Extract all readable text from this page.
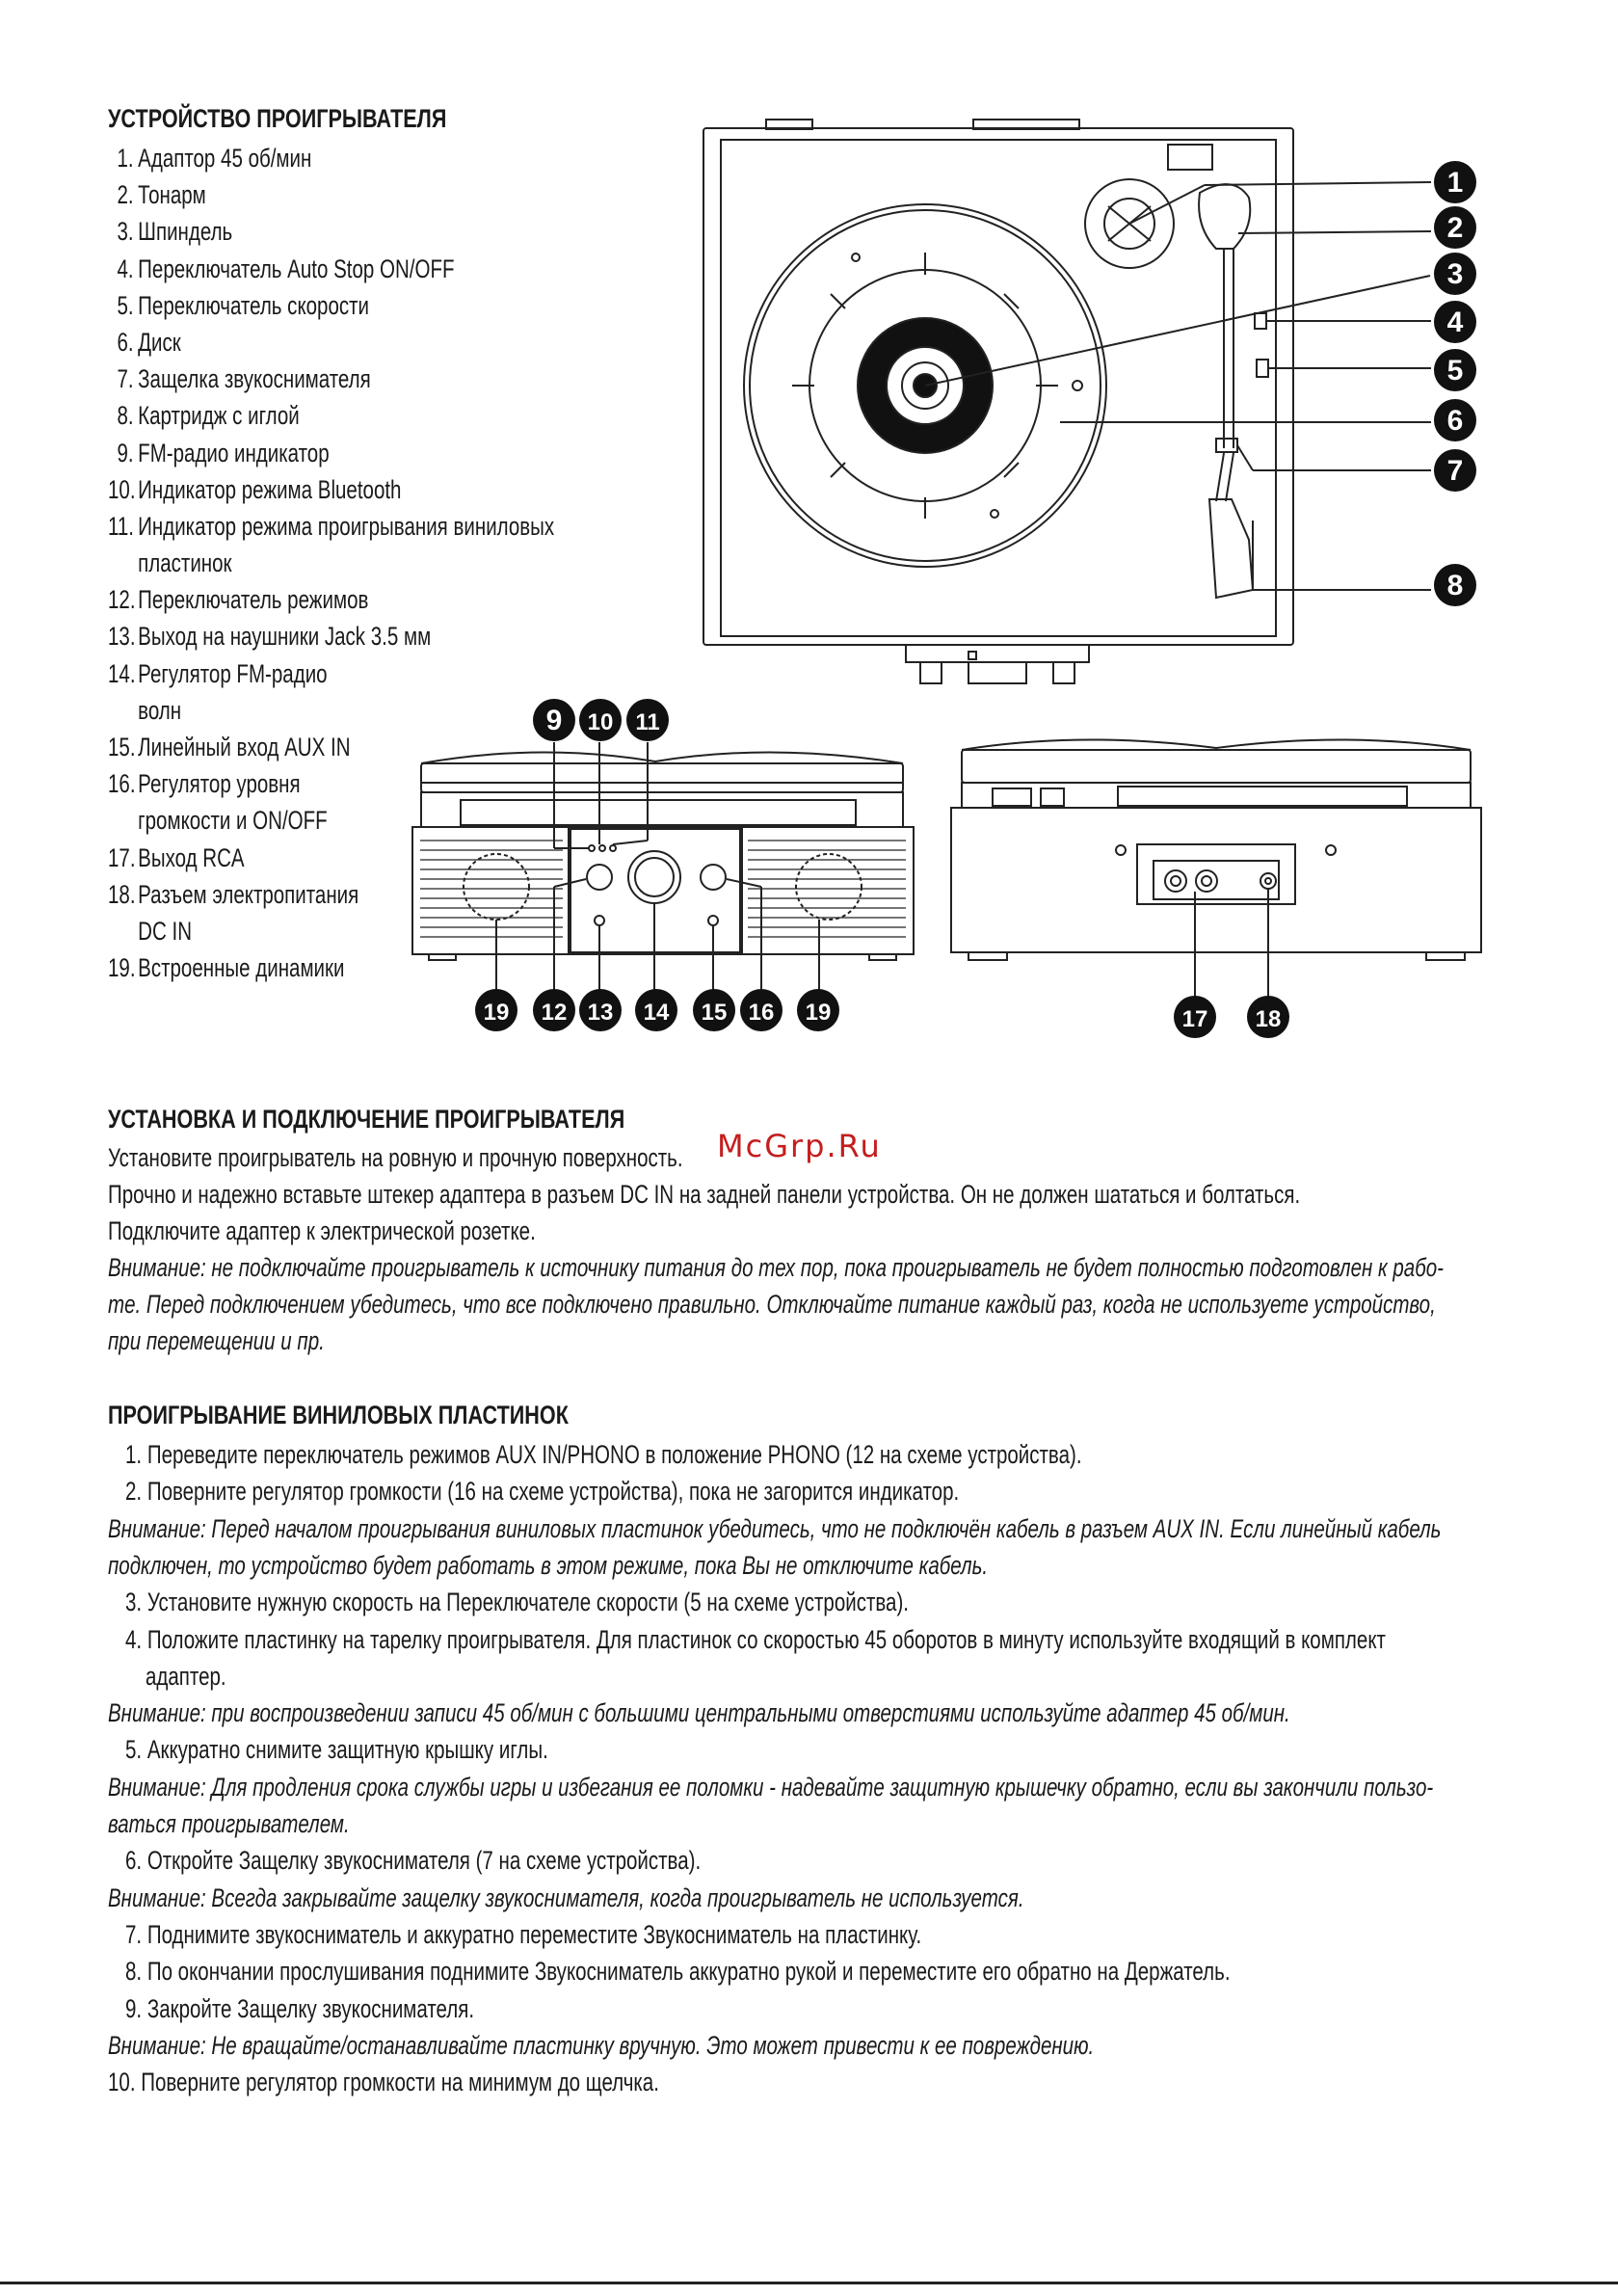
УСТРОЙСТВО ПРОИГРЫВАТЕЛЯ
1. Адаптор 45 об/мин
2. Тонарм
3. Шпиндель
4. Переключатель Auto Stop ON/OFF
5. Переключатель скорости
6. Диск
7. Защелка звукоснимателя
8. Картридж с иглой
9. FM-радио индикатор
10.Индикатор режима Bluetooth
11. Индикатор режима проигрывания виниловых
пластинок
12.Переключатель режимов
13.Выход на наушники Jack 3.5 мм
14.Регулятор FM-радио
волн
15.Линейный вход AUX IN
16.Регулятор уровня
громкости и ON/OFF
17.Выход RCA
18.Разъем электропитания
DC IN
19.Встроенные динамики
1
2
3
4
5
6
7
8
9 10 11
19 12 13 14 15 16 19	17 18
УСТАНОВКА И ПОДКЛЮЧЕНИЕ ПРОИГРЫВАТЕЛЯ
Установите проигрыватель на ровную и прочную поверхность. McGrp.Ru
Прочно и надежно вставьте штекер адаптера в разъем DC IN на задней панели устройства. Он не должен шататься и болтаться.
Подключите адаптер к электрической розетке.
Внимание: не подключайте проигрыватель к источнику питания до тех пор, пока проигрыватель не будет полностью подготовлен к рабо-
те. Перед подключением убедитесь, что все подключено правильно. Отключайте питание каждый раз, когда не используете устройство,
при перемещении и пр.
ПРОИГРЫВАНИЕ ВИНИЛОВЫХ ПЛАСТИНОК
1. Переведите переключатель режимов AUX IN/PHONO в положение PHONO (12 на схеме устройства).
2. Поверните регулятор громкости (16 на схеме устройства), пока не загорится индикатор.
Внимание: Перед началом проигрывания виниловых пластинок убедитесь, что не подключён кабель в разъем AUX IN. Если линейный кабель
подключен, то устройство будет работать в этом режиме, пока Вы не отключите кабель.
3. Установите нужную скорость на Переключателе скорости (5 на схеме устройства).
4. Положите пластинку на тарелку проигрывателя. Для пластинок со скоростью 45 оборотов в минуту используйте входящий в комплект
адаптер.
Внимание: при воспроизведении записи 45 об/мин с большими центральными отверстиями используйте адаптер 45 об/мин.
5. Аккуратно снимите защитную крышку иглы.
Внимание: Для продления срока службы игры и избегания ее поломки - надевайте защитную крышечку обратно, если вы закончили пользо-
ваться проигрывателем.
6. Откройте Защелку звукоснимателя (7 на схеме устройства).
Внимание: Всегда закрывайте защелку звукоснимателя, когда проигрыватель не используется.
7. Поднимите звукосниматель и аккуратно переместите Звукосниматель на пластинку.
8. По окончании прослушивания поднимите Звукосниматель аккуратно рукой и переместите его обратно на Держатель.
9. Закройте Защелку звукоснимателя.
Внимание: Не вращайте/останавливайте пластинку вручную. Это может привести к ее повреждению.
10. Поверните регулятор громкости на минимум до щелчка.
